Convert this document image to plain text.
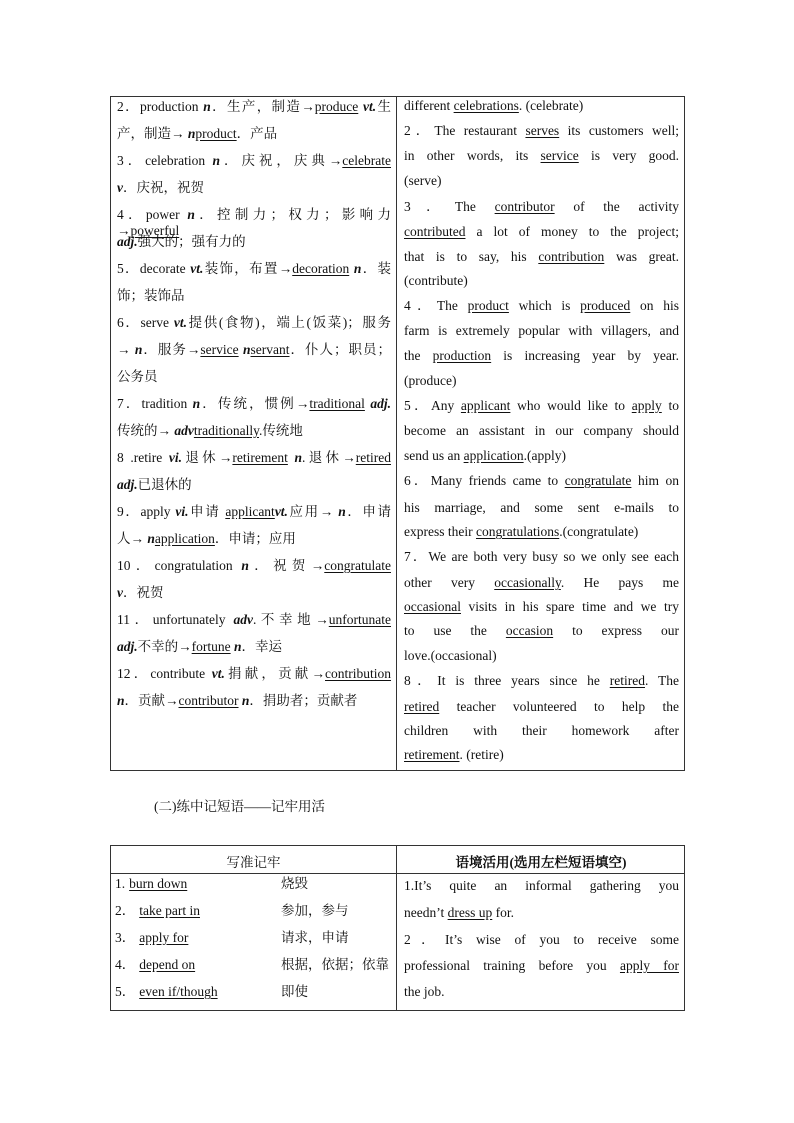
2．production n．生产，制造→produce vt.生
产，制造→ nproduct．产品
3．celebration n．庆祝，庆典→celebrate
v．庆祝，祝贺
4．power n．控制力；权力；影响力→powerful
adj.强大的；强有力的
5．decorate vt.装饰，布置→decoration n．装
饰；装饰品
6．serve vt.提供(食物)，端上(饭菜)；服务
→ n．服务→service nservant．仆人；职员；
公务员
7．tradition n．传统，惯例→traditional adj.
传统的→ advtraditionally.传统地
8 .retire vi.退休→retirement n.退休→retired
adj.已退休的
9．apply vi.申请 applicantvt.应用→ n．申请
人→ napplication．申请；应用
10．congratulation n．祝贺→congratulate
v．祝贺
11．unfortunately adv.不幸地→unfortunate
adj.不幸的→fortune n．幸运
12．contribute vt.捐献，贡献→contribution
n．贡献→contributor n．捐助者；贡献者
different celebrations. (celebrate)
2．The restaurant serves its customers well;
in other words, its service is very good.
(serve)
3．The contributor of the activity
contributed a lot of money to the project;
that is to say, his contribution was great.
(contribute)
4．The product which is produced on his
farm is extremely popular with villagers, and
the production is increasing year by year.
(produce)
5．Any applicant who would like to apply to
become an assistant in our company should
send us an application.(apply)
6．Many friends came to congratulate him on
his marriage, and some sent e-mails to
express their congratulations.(congratulate)
7．We are both very busy so we only see each
other very occasionally. He pays me
occasional visits in his spare time and we try
to use the occasion to express our
love.(occasional)
8．It is three years since he retired. The
retired teacher volunteered to help the
children with their homework after
retirement. (retire)
(二)练中记短语——记牢用活
写准记牢	语境活用(选用左栏短语填空)
1. burn down	烧毁
2． take part in	参加，参与
3． apply for	请求，申请
4． depend on	根据，依据；依靠
5． even if/though	即使
1.It’s quite an informal gathering you
needn’t dress up for.
2．It’s wise of you to receive some
professional training before you apply for
the job.
